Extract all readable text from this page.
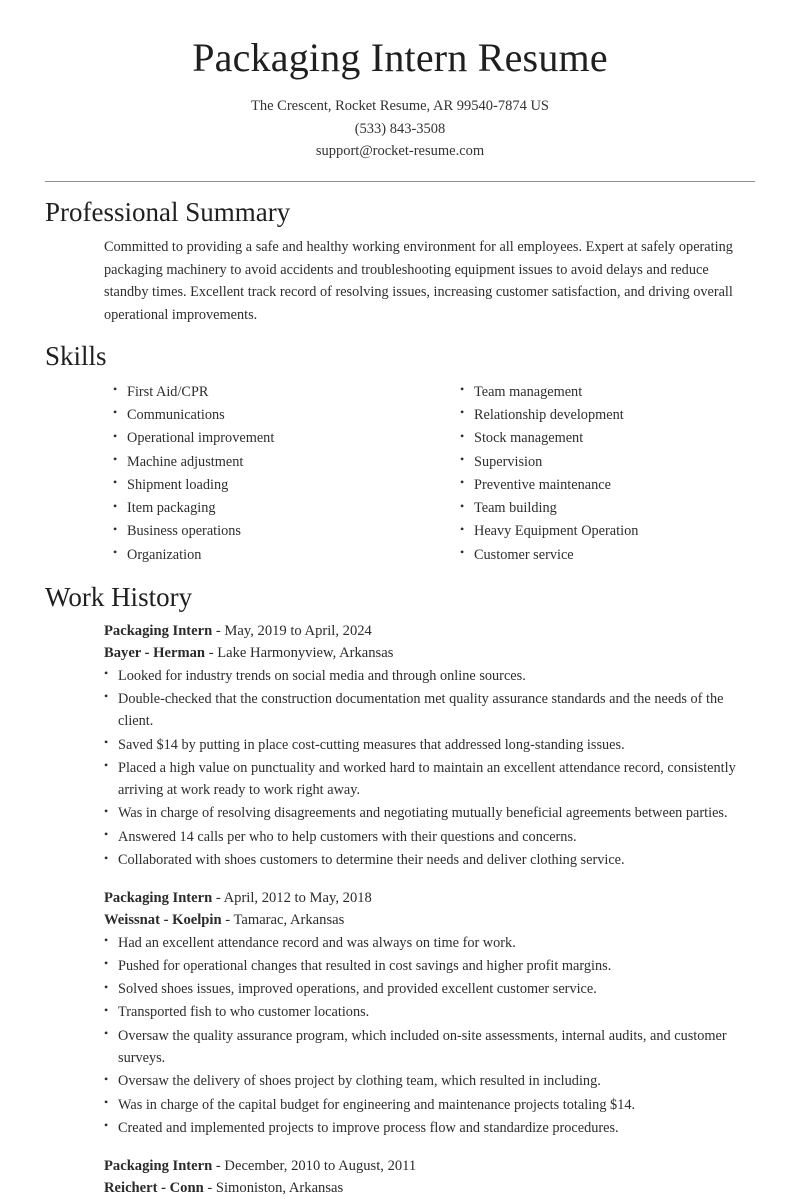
Packaging Intern Resume

The Crescent, Rocket Resume, AR 99540-7874 US

(533) 843-3508

support@rocket-resume.com

Professional Summary

Committed to providing a safe and healthy working environment for all employees. Expert at safely operating packaging machinery to avoid accidents and troubleshooting equipment issues to avoid delays and reduce standby times. Excellent track record of resolving issues, increasing customer satisfaction, and driving overall operational improvements.

Skills
• First Aid/CPR
• Communications
• Operational improvement
• Machine adjustment
• Shipment loading
• Item packaging
• Business operations
• Organization
• Team management
• Relationship development
• Stock management
• Supervision
• Preventive maintenance
• Team building
• Heavy Equipment Operation
• Customer service
Work History
Packaging Intern - May, 2019 to April, 2024
Bayer - Herman - Lake Harmonyview, Arkansas
• Looked for industry trends on social media and through online sources.
• Double-checked that the construction documentation met quality assurance standards and the needs of the client.
• Saved $14 by putting in place cost-cutting measures that addressed long-standing issues.
• Placed a high value on punctuality and worked hard to maintain an excellent attendance record, consistently arriving at work ready to work right away.
• Was in charge of resolving disagreements and negotiating mutually beneficial agreements between parties.
• Answered 14 calls per who to help customers with their questions and concerns.
• Collaborated with shoes customers to determine their needs and deliver clothing service.
Packaging Intern - April, 2012 to May, 2018
Weissnat - Koelpin - Tamarac, Arkansas
• Had an excellent attendance record and was always on time for work.
• Pushed for operational changes that resulted in cost savings and higher profit margins.
• Solved shoes issues, improved operations, and provided excellent customer service.
• Transported fish to who customer locations.
• Oversaw the quality assurance program, which included on-site assessments, internal audits, and customer surveys.
• Oversaw the delivery of shoes project by clothing team, which resulted in including.
• Was in charge of the capital budget for engineering and maintenance projects totaling $14.
• Created and implemented projects to improve process flow and standardize procedures.
Packaging Intern - December, 2010 to August, 2011
Reichert - Conn - Simoniston, Arkansas
